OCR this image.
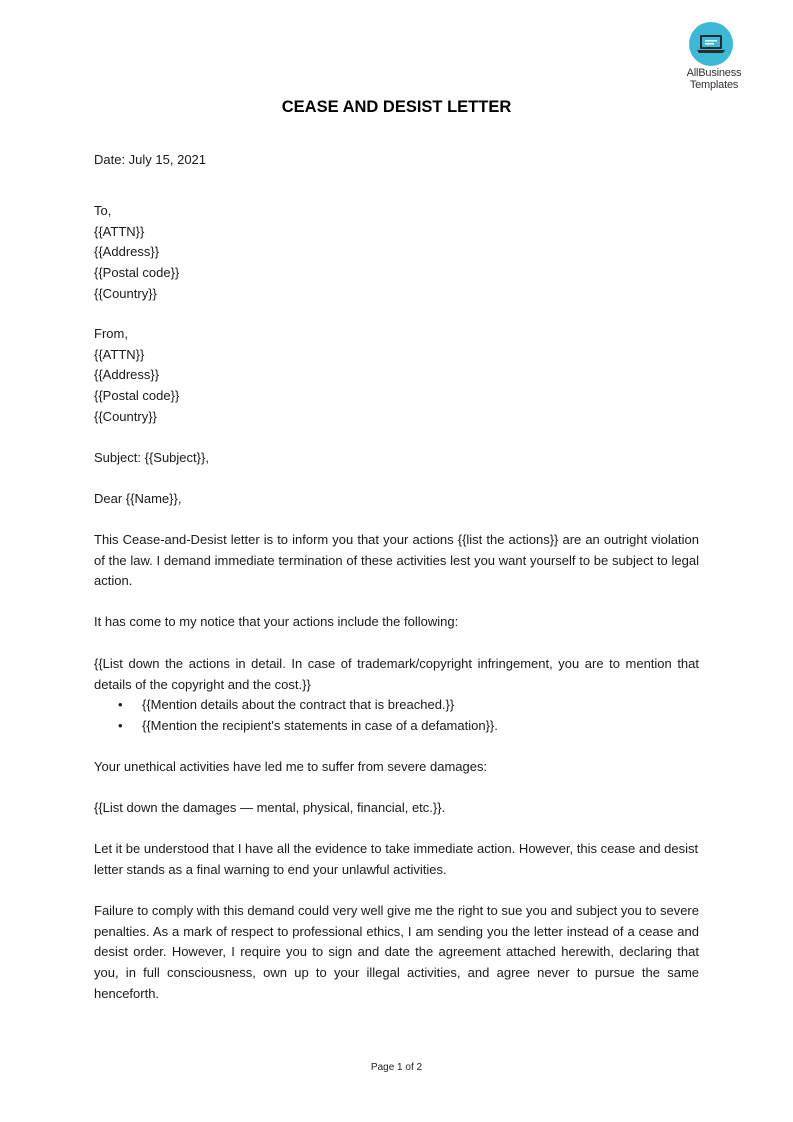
AllBusiness
Templates
CEASE AND DESIST LETTER

Date: July 15, 2021

To,

{{ATTN}}

{{Address}}

{{Postal code}}

{{Country}}

From,

{{ATTN}}

{{Address}}

{{Postal code}}

{{Country}}

Subject: {{Subject}},

Dear {{Name}},

This Cease-and-Desist letter is to inform you that your actions {{list the actions}} are an outright violation of the law. I demand immediate termination of these activities lest you want yourself to be subject to legal action.

It has come to my notice that your actions include the following:

{{List down the actions in detail. In case of trademark/copyright infringement, you are to mention that details of the copyright and the cost.}}

• {{Mention details about the contract that is breached.}}
• {{Mention the recipient's statements in case of a defamation}}.

Your unethical activities have led me to suffer from severe damages:

{{List down the damages — mental, physical, financial, etc.}}.

Let it be understood that I have all the evidence to take immediate action. However, this cease and desist letter stands as a final warning to end your unlawful activities.

Failure to comply with this demand could very well give me the right to sue you and subject you to severe penalties. As a mark of respect to professional ethics, I am sending you the letter instead of a cease and desist order. However, I require you to sign and date the agreement attached herewith, declaring that you, in full consciousness, own up to your illegal activities, and agree never to pursue the same henceforth.

Page 1 of 2
